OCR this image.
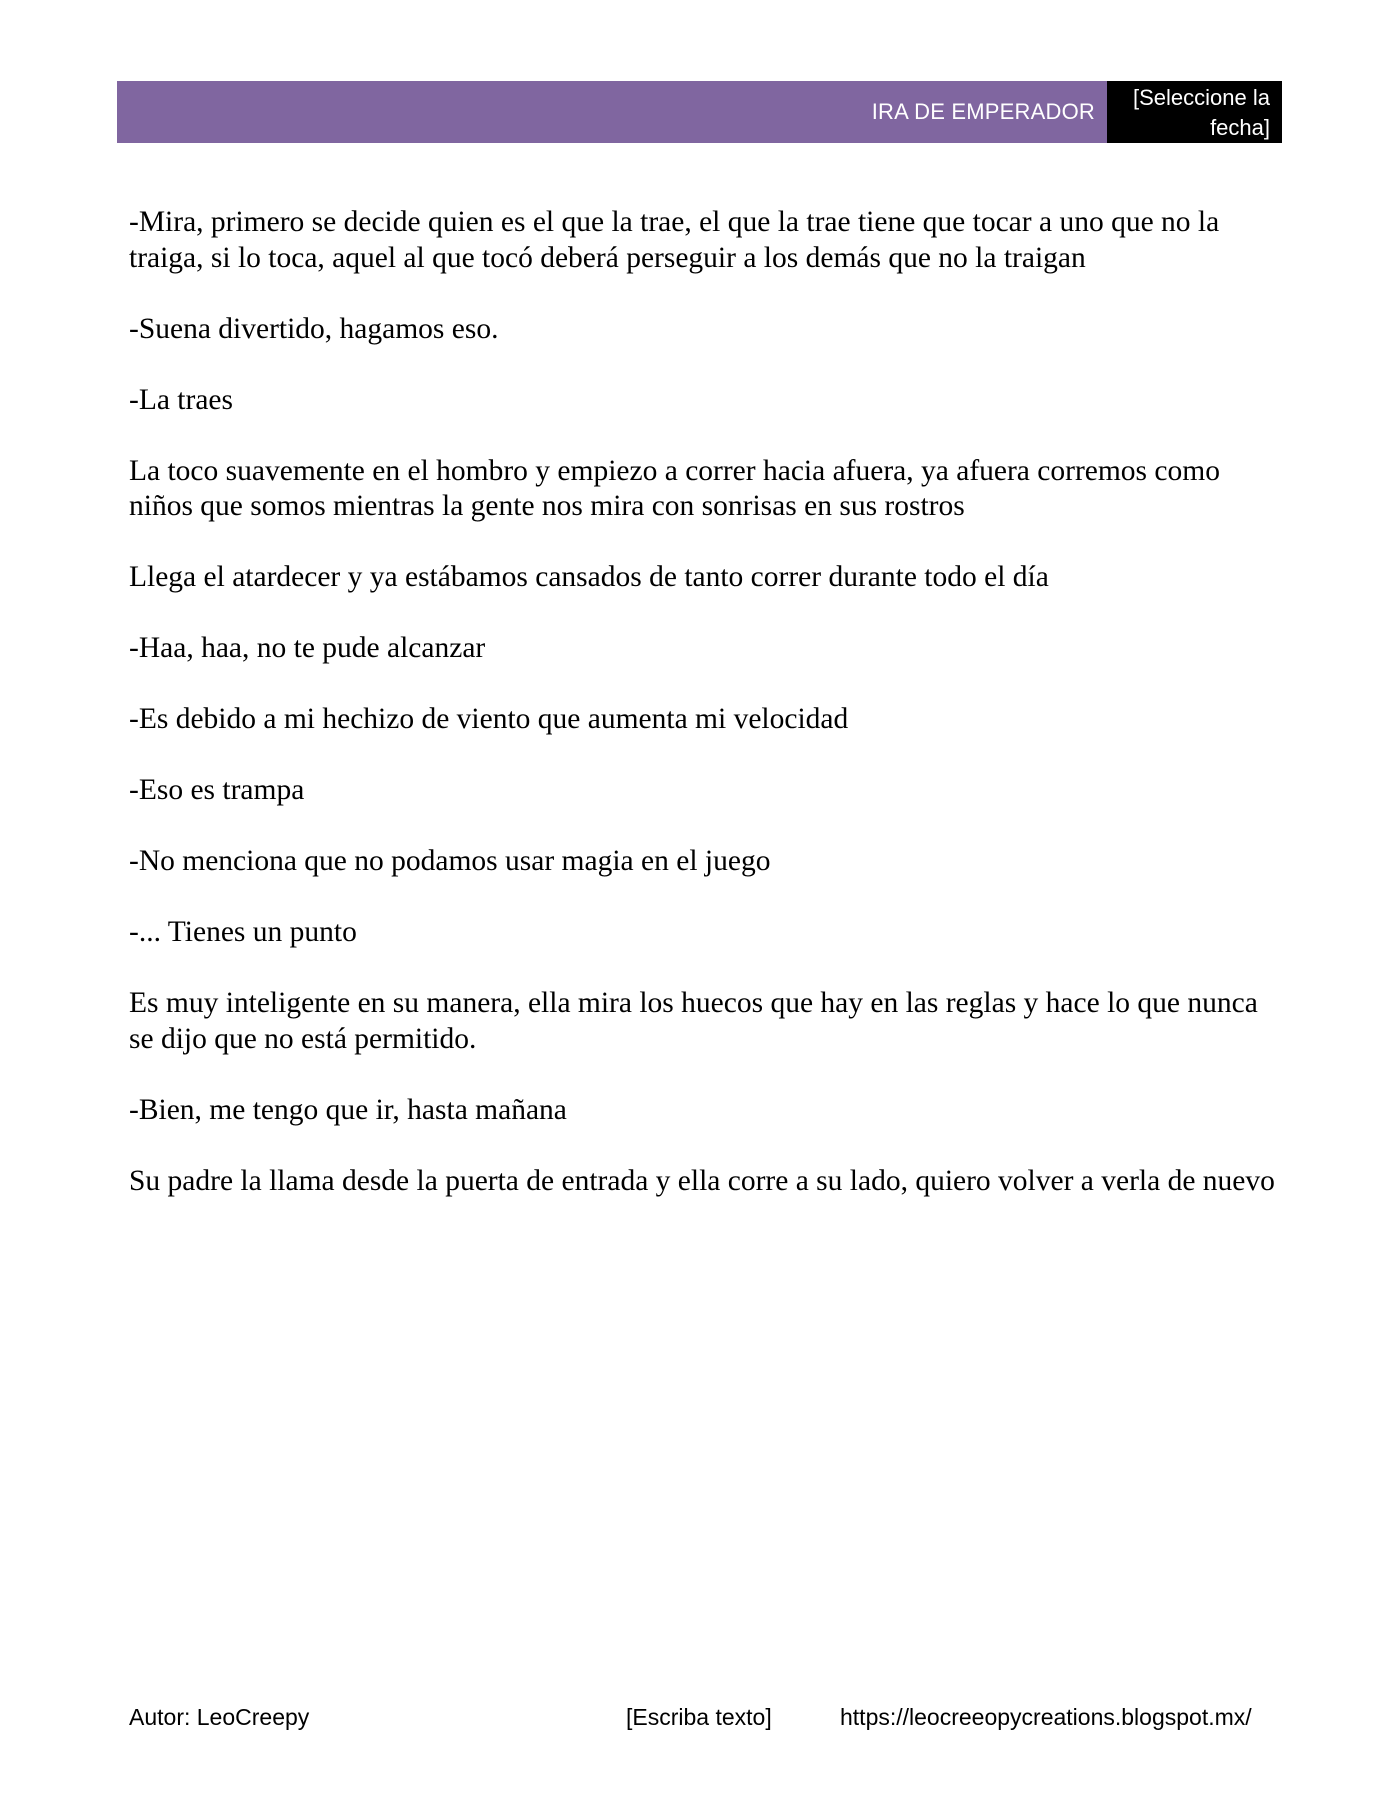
IRA DE EMPERADOR
[Seleccione la fecha]

-Mira, primero se decide quien es el que la trae, el que la trae tiene que tocar a uno que no la traiga, si lo toca, aquel al que tocó deberá perseguir a los demás que no la traigan

-Suena divertido, hagamos eso.

-La traes

La toco suavemente en el hombro y empiezo a correr hacia afuera, ya afuera corremos como niños que somos mientras la gente nos mira con sonrisas en sus rostros

Llega el atardecer y ya estábamos cansados de tanto correr durante todo el día

-Haa, haa, no te pude alcanzar

-Es debido a mi hechizo de viento que aumenta mi velocidad

-Eso es trampa

-No menciona que no podamos usar magia en el juego

-... Tienes un punto

Es muy inteligente en su manera, ella mira los huecos que hay en las reglas y hace lo que nunca se dijo que no está permitido.

-Bien, me tengo que ir, hasta mañana

Su padre la llama desde la puerta de entrada y ella corre a su lado, quiero volver a verla de nuevo

Autor: LeoCreepy	[Escriba texto]	https://leocreeopycreations.blogspot.mx/
